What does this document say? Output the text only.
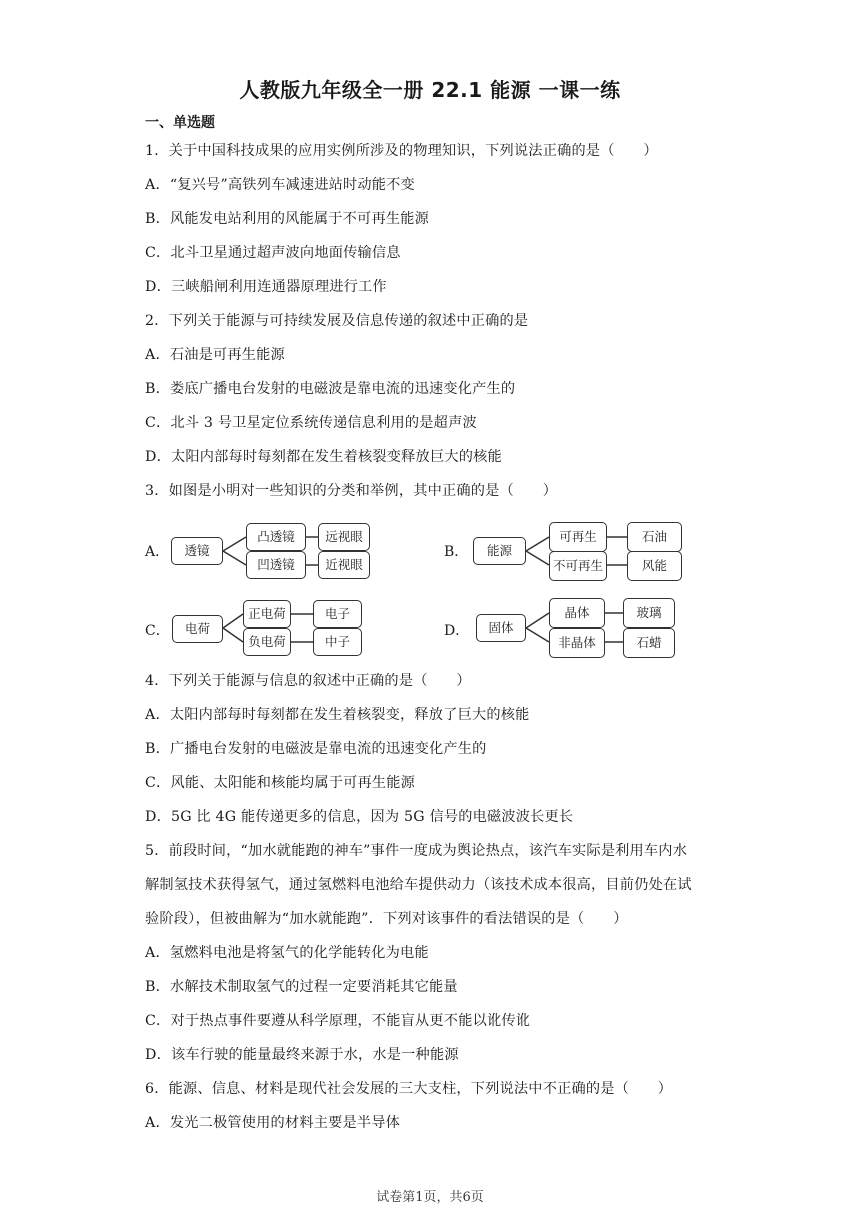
人教版九年级全一册 22.1 能源 一课一练
一、单选题
1．关于中国科技成果的应用实例所涉及的物理知识，下列说法正确的是（　　）
A．“复兴号”高铁列车减速进站时动能不变
B．风能发电站利用的风能属于不可再生能源
C．北斗卫星通过超声波向地面传输信息
D．三峡船闸利用连通器原理进行工作
2．下列关于能源与可持续发展及信息传递的叙述中正确的是
A．石油是可再生能源
B．娄底广播电台发射的电磁波是靠电流的迅速变化产生的
C．北斗 3 号卫星定位系统传递信息利用的是超声波
D．太阳内部每时每刻都在发生着核裂变释放巨大的核能
3．如图是小明对一些知识的分类和举例，其中正确的是（　　）
A．	透镜
凸透镜
凹透镜
远视眼
近视眼
B．	能源
可再生
不可再生
石油
风能
C．	电荷
正电荷
负电荷
电子
中子
D．	固体
晶体
非晶体
玻璃
石蜡
4．下列关于能源与信息的叙述中正确的是（　　）
A．太阳内部每时每刻都在发生着核裂变，释放了巨大的核能
B．广播电台发射的电磁波是靠电流的迅速变化产生的
C．风能、太阳能和核能均属于可再生能源
D．5G 比 4G 能传递更多的信息，因为 5G 信号的电磁波波长更长
5．前段时间，“加水就能跑的神车”事件一度成为舆论热点，该汽车实际是利用车内水
解制氢技术获得氢气，通过氢燃料电池给车提供动力（该技术成本很高，目前仍处在试
验阶段），但被曲解为“加水就能跑”．下列对该事件的看法错误的是（　　）
A．氢燃料电池是将氢气的化学能转化为电能
B．水解技术制取氢气的过程一定要消耗其它能量
C．对于热点事件要遵从科学原理，不能盲从更不能以讹传讹
D．该车行驶的能量最终来源于水，水是一种能源
6．能源、信息、材料是现代社会发展的三大支柱，下列说法中不正确的是（　　）
A．发光二极管使用的材料主要是半导体
试卷第1页，共6页
